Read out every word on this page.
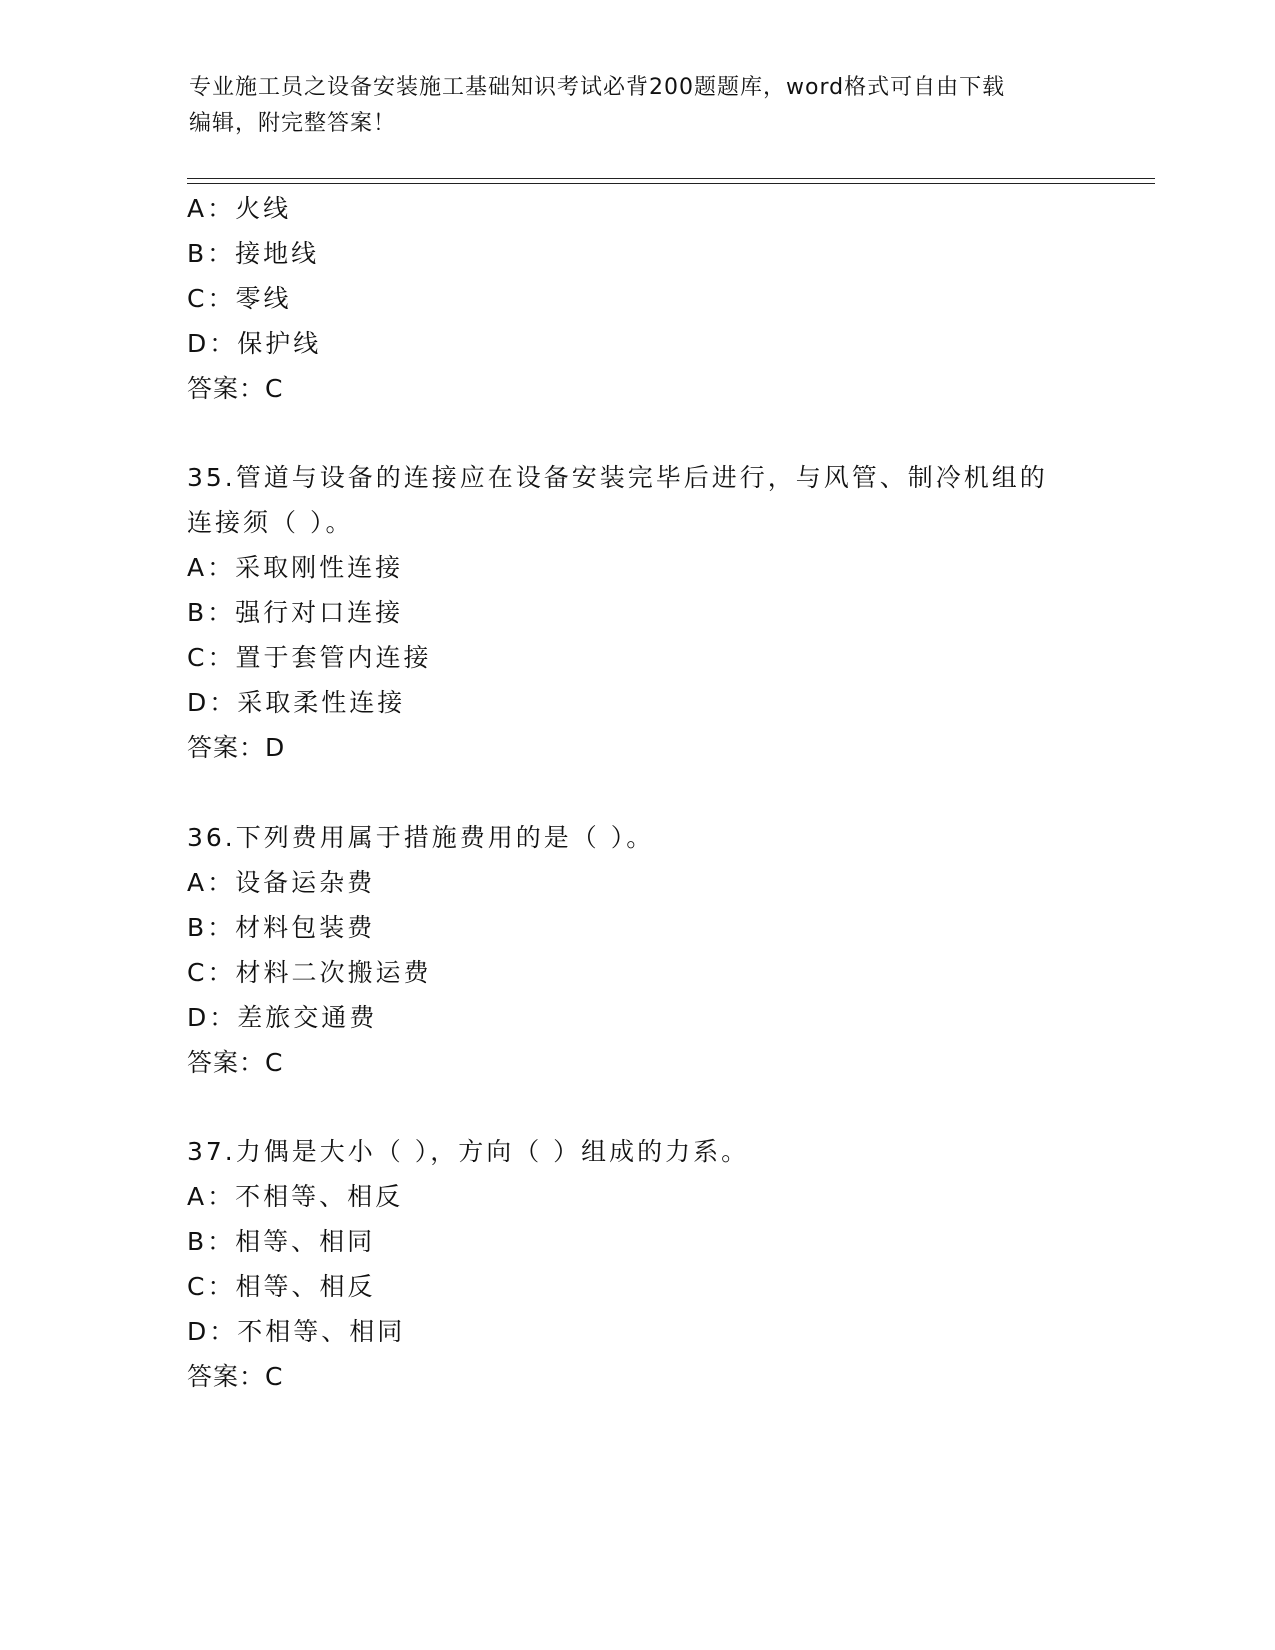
专业施工员之设备安装施工基础知识考试必背200题题库，word格式可自由下载
编辑，附完整答案！
A：火线
B：接地线
C：零线
D：保护线
答案：C
35.管道与设备的连接应在设备安装完毕后进行，与风管、制冷机组的
连接须（ ）。
A：采取刚性连接
B：强行对口连接
C：置于套管内连接
D：采取柔性连接
答案：D
36.下列费用属于措施费用的是（ ）。
A：设备运杂费
B：材料包装费
C：材料二次搬运费
D：差旅交通费
答案：C
37.力偶是大小（ ），方向（ ）组成的力系。
A：不相等、相反
B：相等、相同
C：相等、相反
D：不相等、相同
答案：C
